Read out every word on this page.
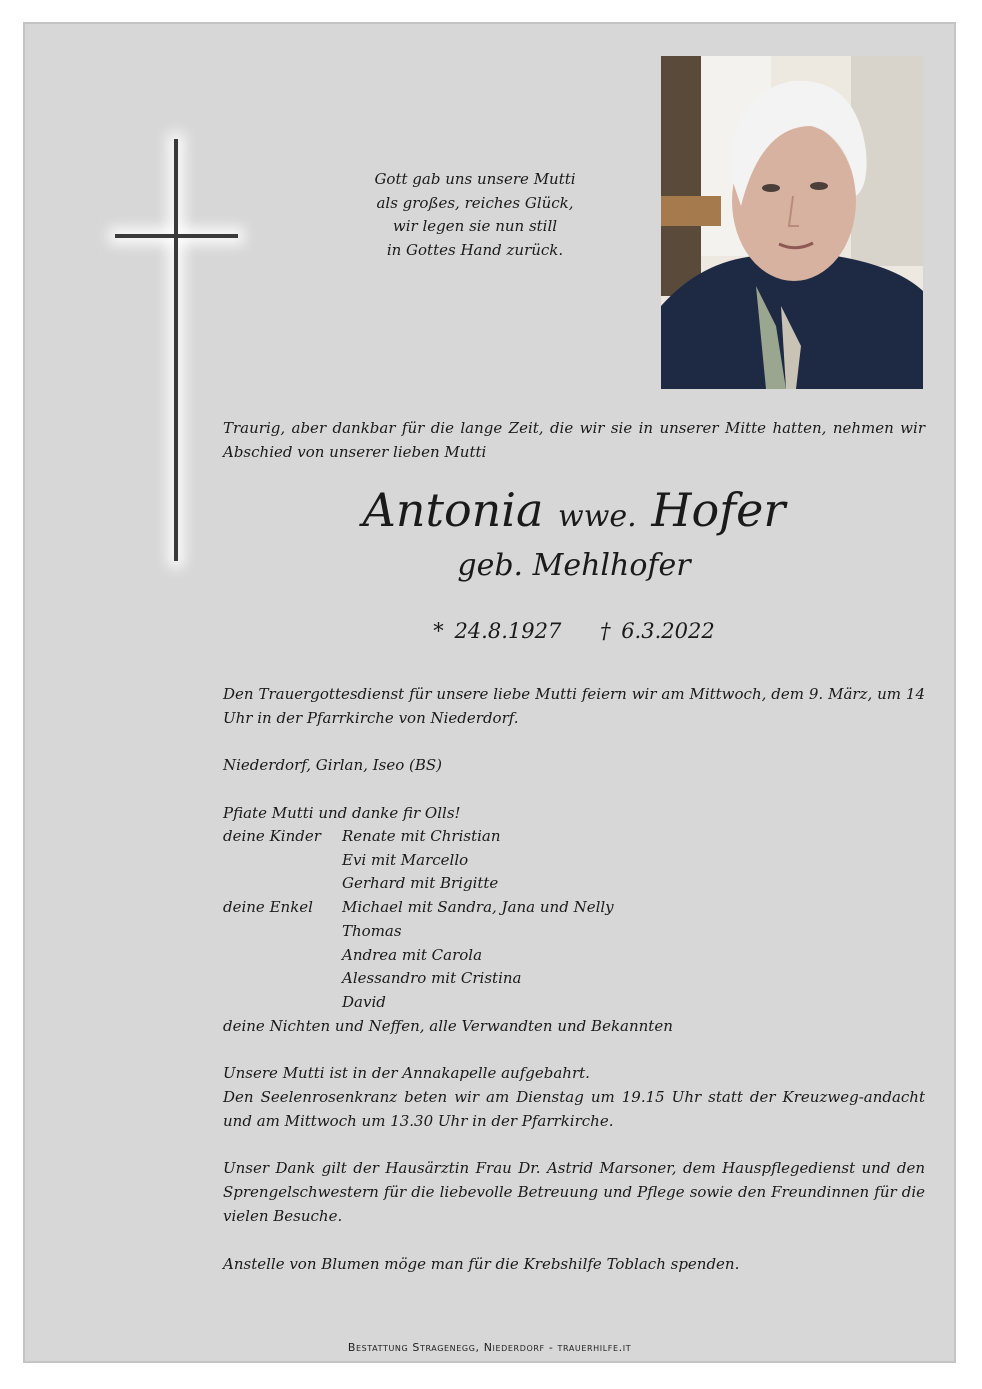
Gott gab uns unsere Mutti
als großes, reiches Glück,
wir legen sie nun still
in Gottes Hand zurück.
Traurig, aber dankbar für die lange Zeit, die wir sie in unserer Mitte hatten, nehmen wir Abschied von unserer lieben Mutti
Antonia wwe. Hofer
geb. Mehlhofer
* 24.8.1927 † 6.3.2022
Den Trauergottesdienst für unsere liebe Mutti feiern wir am Mittwoch, dem 9. März, um 14 Uhr in der Pfarrkirche von Niederdorf.
Niederdorf, Girlan, Iseo (BS)
Pfiate Mutti und danke fir Olls!
deine Kinder	Renate mit Christian
Evi mit Marcello
Gerhard mit Brigitte
deine Enkel	Michael mit Sandra, Jana und Nelly
Thomas
Andrea mit Carola
Alessandro mit Cristina
David
deine Nichten und Neffen, alle Verwandten und Bekannten
Unsere Mutti ist in der Annakapelle aufgebahrt.
Den Seelenrosenkranz beten wir am Dienstag um 19.15 Uhr statt der Kreuzweg-andacht und am Mittwoch um 13.30 Uhr in der Pfarrkirche.
Unser Dank gilt der Hausärztin Frau Dr. Astrid Marsoner, dem Hauspflegedienst und den Sprengelschwestern für die liebevolle Betreuung und Pflege sowie den Freundinnen für die vielen Besuche.
Anstelle von Blumen möge man für die Krebshilfe Toblach spenden.
Bestattung Stragenegg, Niederdorf - trauerhilfe.it
